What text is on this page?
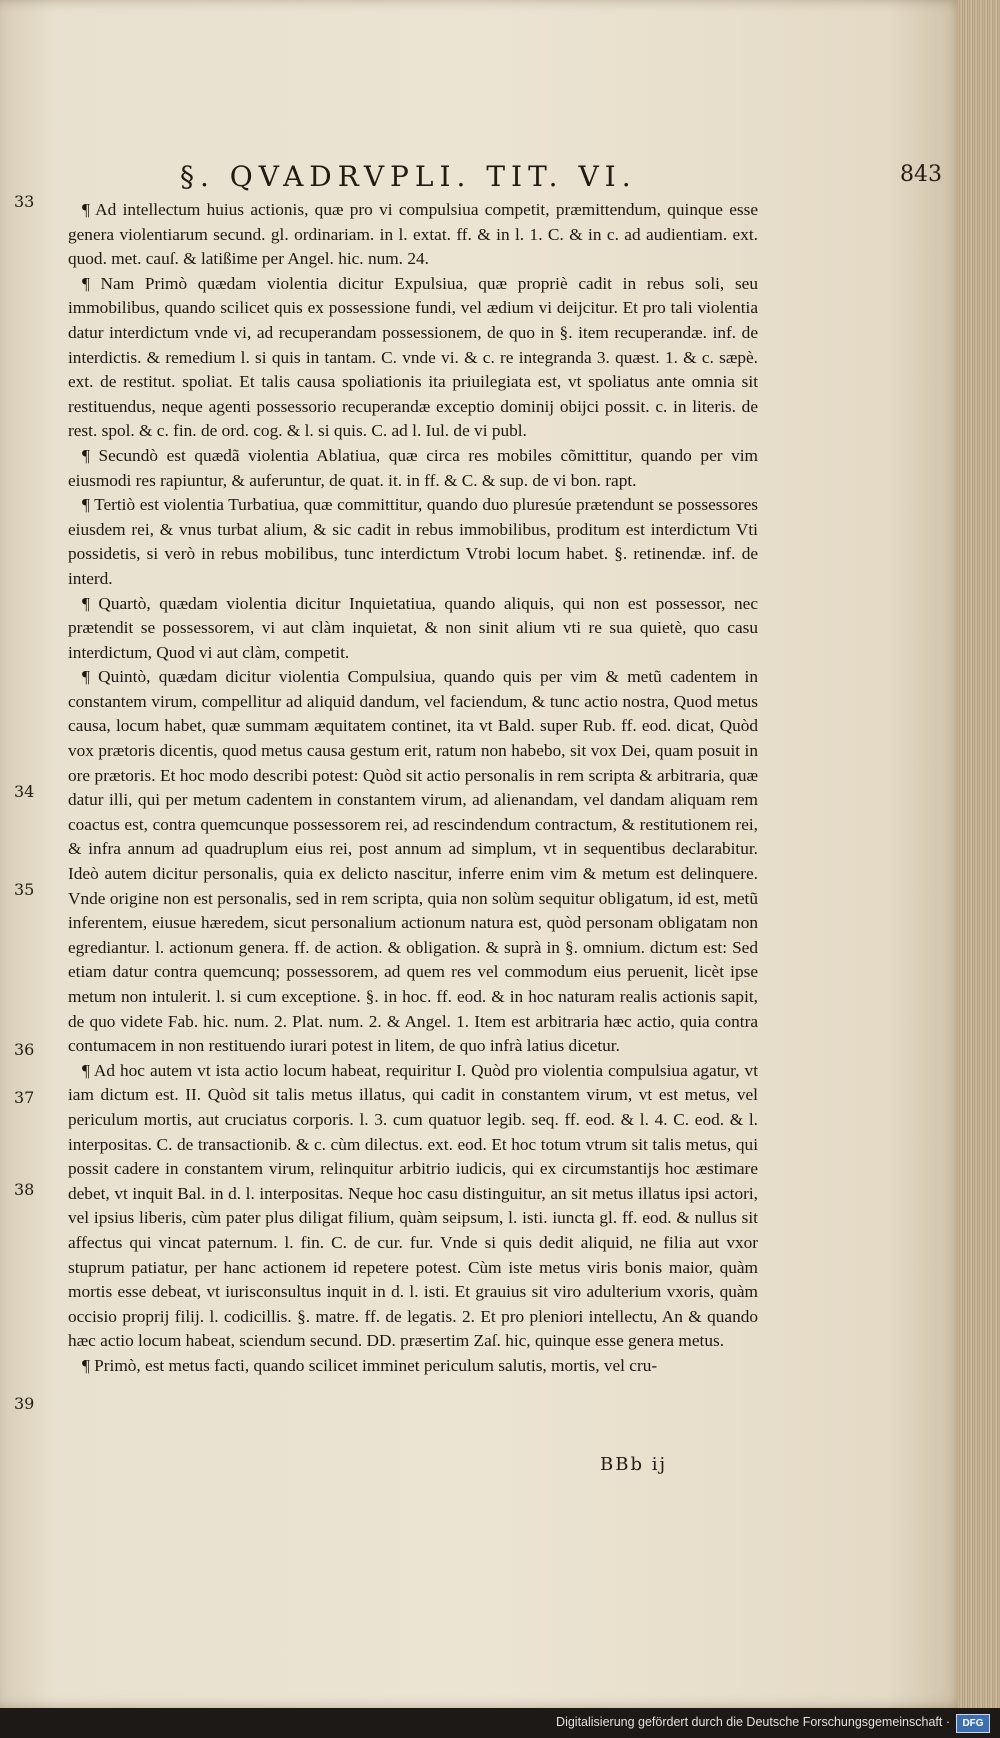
§. QVADRVPLI. TIT. VI.	843
33
34
35
36
37
38
39

¶ Ad intellectum huius actionis, quæ pro vi compulsiua competit, præmittendum, quinque esse genera violentiarum secund. gl. ordinariam. in l. extat. ff. & in l. 1. C. & in c. ad audientiam. ext. quod. met. cauſ. & latißime per Angel. hic. num. 24.

¶ Nam Primò quædam violentia dicitur Expulsiua, quæ propriè cadit in rebus soli, seu immobilibus, quando scilicet quis ex possessione fundi, vel ædium vi deijcitur. Et pro tali violentia datur interdictum vnde vi, ad recuperandam possessionem, de quo in §. item recuperandæ. inf. de interdictis. & remedium l. si quis in tantam. C. vnde vi. & c. re integranda 3. quæst. 1. & c. sæpè. ext. de restitut. spoliat. Et talis causa spoliationis ita priuilegiata est, vt spoliatus ante omnia sit restituendus, neque agenti possessorio recuperandæ exceptio dominij obijci possit. c. in literis. de rest. spol. & c. fin. de ord. cog. & l. si quis. C. ad l. Iul. de vi publ.

¶ Secundò est quædã violentia Ablatiua, quæ circa res mobiles cõmittitur, quando per vim eiusmodi res rapiuntur, & auferuntur, de quat. it. in ff. & C. & sup. de vi bon. rapt.

¶ Tertiò est violentia Turbatiua, quæ committitur, quando duo pluresúe prætendunt se possessores eiusdem rei, & vnus turbat alium, & sic cadit in rebus immobilibus, proditum est interdictum Vti possidetis, si verò in rebus mobilibus, tunc interdictum Vtrobi locum habet. §. retinendæ. inf. de interd.

¶ Quartò, quædam violentia dicitur Inquietatiua, quando aliquis, qui non est possessor, nec prætendit se possessorem, vi aut clàm inquietat, & non sinit alium vti re sua quietè, quo casu interdictum, Quod vi aut clàm, competit.

¶ Quintò, quædam dicitur violentia Compulsiua, quando quis per vim & metũ cadentem in constantem virum, compellitur ad aliquid dandum, vel faciendum, & tunc actio nostra, Quod metus causa, locum habet, quæ summam æquitatem continet, ita vt Bald. super Rub. ff. eod. dicat, Quòd vox prætoris dicentis, quod metus causa gestum erit, ratum non habebo, sit vox Dei, quam posuit in ore prætoris. Et hoc modo describi potest: Quòd sit actio personalis in rem scripta & arbitraria, quæ datur illi, qui per metum cadentem in constantem virum, ad alienandam, vel dandam aliquam rem coactus est, contra quemcunque possessorem rei, ad rescindendum contractum, & restitutionem rei, & infra annum ad quadruplum eius rei, post annum ad simplum, vt in sequentibus declarabitur. Ideò autem dicitur personalis, quia ex delicto nascitur, inferre enim vim & metum est delinquere. Vnde origine non est personalis, sed in rem scripta, quia non solùm sequitur obligatum, id est, metũ inferentem, eiusue hæredem, sicut personalium actionum natura est, quòd personam obligatam non egrediantur. l. actionum genera. ff. de action. & obligation. & suprà in §. omnium. dictum est: Sed etiam datur contra quemcunq; possessorem, ad quem res vel commodum eius peruenit, licèt ipse metum non intulerit. l. si cum exceptione. §. in hoc. ff. eod. & in hoc naturam realis actionis sapit, de quo videte Fab. hic. num. 2. Plat. num. 2. & Angel. 1. Item est arbitraria hæc actio, quia contra contumacem in non restituendo iurari potest in litem, de quo infrà latius dicetur.

¶ Ad hoc autem vt ista actio locum habeat, requiritur I. Quòd pro violentia compulsiua agatur, vt iam dictum est. II. Quòd sit talis metus illatus, qui cadit in constantem virum, vt est metus, vel periculum mortis, aut cruciatus corporis. l. 3. cum quatuor legib. seq. ff. eod. & l. 4. C. eod. & l. interpositas. C. de transactionib. & c. cùm dilectus. ext. eod. Et hoc totum vtrum sit talis metus, qui possit cadere in constantem virum, relinquitur arbitrio iudicis, qui ex circumstantijs hoc æstimare debet, vt inquit Bal. in d. l. interpositas. Neque hoc casu distinguitur, an sit metus illatus ipsi actori, vel ipsius liberis, cùm pater plus diligat filium, quàm seipsum, l. isti. iuncta gl. ff. eod. & nullus sit affectus qui vincat paternum. l. fin. C. de cur. fur. Vnde si quis dedit aliquid, ne filia aut vxor stuprum patiatur, per hanc actionem id repetere potest. Cùm iste metus viris bonis maior, quàm mortis esse debeat, vt iurisconsultus inquit in d. l. isti. Et grauius sit viro adulterium vxoris, quàm occisio proprij filij. l. codicillis. §. matre. ff. de legatis. 2. Et pro pleniori intellectu, An & quando hæc actio locum habeat, sciendum secund. DD. præsertim Zaſ. hic, quinque esse genera metus.

¶ Primò, est metus facti, quando scilicet imminet periculum salutis, mortis, vel cru-

BBb ij
Digitalisierung gefördert durch die Deutsche Forschungsgemeinschaft ·	DFG
